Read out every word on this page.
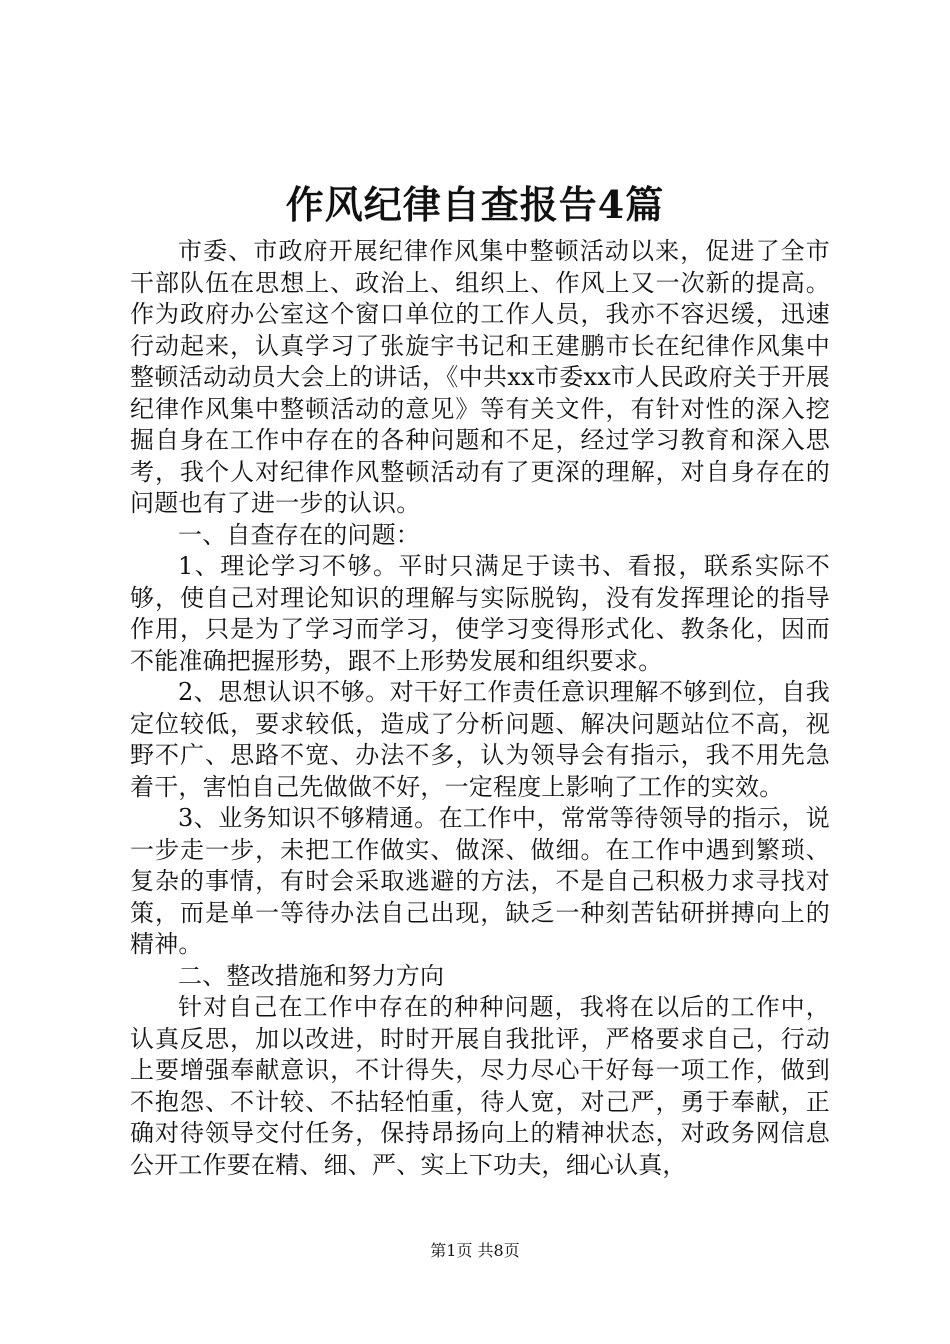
作风纪律自查报告4篇

市委、市政府开展纪律作风集中整顿活动以来，促进了全市干部队伍在思想上、政治上、组织上、作风上又一次新的提高。作为政府办公室这个窗口单位的工作人员，我亦不容迟缓，迅速行动起来，认真学习了张旋宇书记和王建鹏市长在纪律作风集中整顿活动动员大会上的讲话，《中共xx市委xx市人民政府关于开展纪律作风集中整顿活动的意见》等有关文件，有针对性的深入挖掘自身在工作中存在的各种问题和不足，经过学习教育和深入思考，我个人对纪律作风整顿活动有了更深的理解，对自身存在的问题也有了进一步的认识。

一、自查存在的问题：

1、理论学习不够。平时只满足于读书、看报，联系实际不够，使自己对理论知识的理解与实际脱钩，没有发挥理论的指导作用，只是为了学习而学习，使学习变得形式化、教条化，因而不能准确把握形势，跟不上形势发展和组织要求。

2、思想认识不够。对干好工作责任意识理解不够到位，自我定位较低，要求较低，造成了分析问题、解决问题站位不高，视野不广、思路不宽、办法不多，认为领导会有指示，我不用先急着干，害怕自己先做做不好，一定程度上影响了工作的实效。

3、业务知识不够精通。在工作中，常常等待领导的指示，说一步走一步，未把工作做实、做深、做细。在工作中遇到繁琐、复杂的事情，有时会采取逃避的方法，不是自己积极力求寻找对策，而是单一等待办法自己出现，缺乏一种刻苦钻研拼搏向上的精神。

二、整改措施和努力方向

针对自己在工作中存在的种种问题，我将在以后的工作中，认真反思，加以改进，时时开展自我批评，严格要求自己，行动上要增强奉献意识，不计得失，尽力尽心干好每一项工作，做到不抱怨、不计较、不拈轻怕重，待人宽，对己严，勇于奉献，正确对待领导交付任务，保持昂扬向上的精神状态，对政务网信息公开工作要在精、细、严、实上下功夫，细心认真，

第1页 共8页
